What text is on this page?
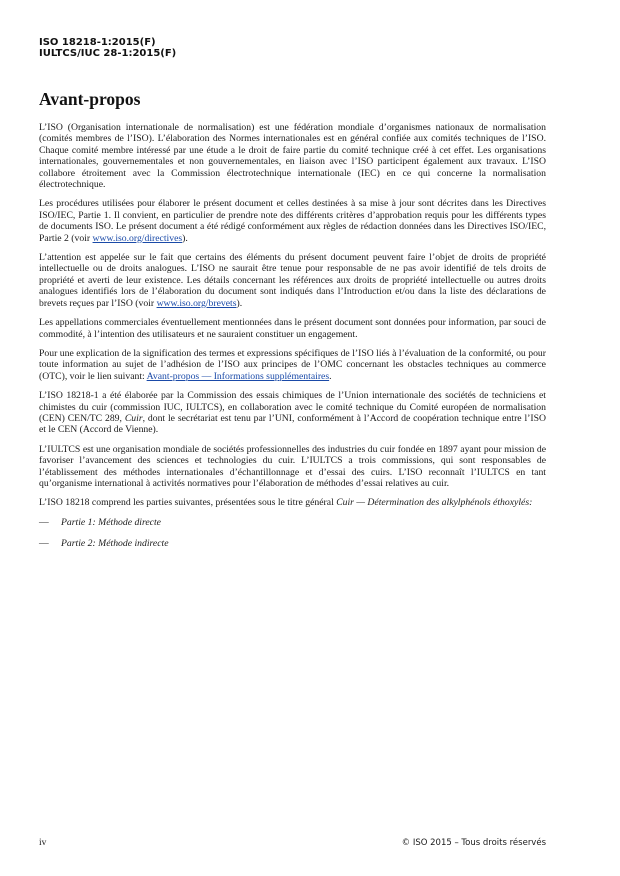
ISO 18218-1:2015(F)
IULTCS/IUC 28-1:2015(F)
Avant-propos

L’ISO (Organisation internationale de normalisation) est une fédération mondiale d’organismes nationaux de normalisation (comités membres de l’ISO). L’élaboration des Normes internationales est en général confiée aux comités techniques de l’ISO. Chaque comité membre intéressé par une étude a le droit de faire partie du comité technique créé à cet effet. Les organisations internationales, gouvernementales et non gouvernementales, en liaison avec l’ISO participent également aux travaux. L’ISO collabore étroitement avec la Commission électrotechnique internationale (IEC) en ce qui concerne la normalisation électrotechnique.

Les procédures utilisées pour élaborer le présent document et celles destinées à sa mise à jour sont décrites dans les Directives ISO/IEC, Partie 1. Il convient, en particulier de prendre note des différents critères d’approbation requis pour les différents types de documents ISO. Le présent document a été rédigé conformément aux règles de rédaction données dans les Directives ISO/IEC, Partie 2 (voir www.iso.org/directives).

L’attention est appelée sur le fait que certains des éléments du présent document peuvent faire l’objet de droits de propriété intellectuelle ou de droits analogues. L’ISO ne saurait être tenue pour responsable de ne pas avoir identifié de tels droits de propriété et averti de leur existence. Les détails concernant les références aux droits de propriété intellectuelle ou autres droits analogues identifiés lors de l’élaboration du document sont indiqués dans l’Introduction et/ou dans la liste des déclarations de brevets reçues par l’ISO (voir www.iso.org/brevets).

Les appellations commerciales éventuellement mentionnées dans le présent document sont données pour information, par souci de commodité, à l’intention des utilisateurs et ne sauraient constituer un engagement.

Pour une explication de la signification des termes et expressions spécifiques de l’ISO liés à l’évaluation de la conformité, ou pour toute information au sujet de l’adhésion de l’ISO aux principes de l’OMC concernant les obstacles techniques au commerce (OTC), voir le lien suivant: Avant-propos — Informations supplémentaires.

L’ISO 18218-1 a été élaborée par la Commission des essais chimiques de l’Union internationale des sociétés de techniciens et chimistes du cuir (commission IUC, IULTCS), en collaboration avec le comité technique du Comité européen de normalisation (CEN) CEN/TC 289, Cuir, dont le secrétariat est tenu par l’UNI, conformément à l’Accord de coopération technique entre l’ISO et le CEN (Accord de Vienne).

L’IULTCS est une organisation mondiale de sociétés professionnelles des industries du cuir fondée en 1897 ayant pour mission de favoriser l’avancement des sciences et technologies du cuir. L’IULTCS a trois commissions, qui sont responsables de l’établissement des méthodes internationales d’échantillonnage et d’essai des cuirs. L’ISO reconnaît l’IULTCS en tant qu’organisme international à activités normatives pour l’élaboration de méthodes d’essai relatives au cuir.

L’ISO 18218 comprend les parties suivantes, présentées sous le titre général Cuir — Détermination des alkylphénols éthoxylés:

—	Partie 1: Méthode directe
—	Partie 2: Méthode indirecte
iv	© ISO 2015 – Tous droits réservés
